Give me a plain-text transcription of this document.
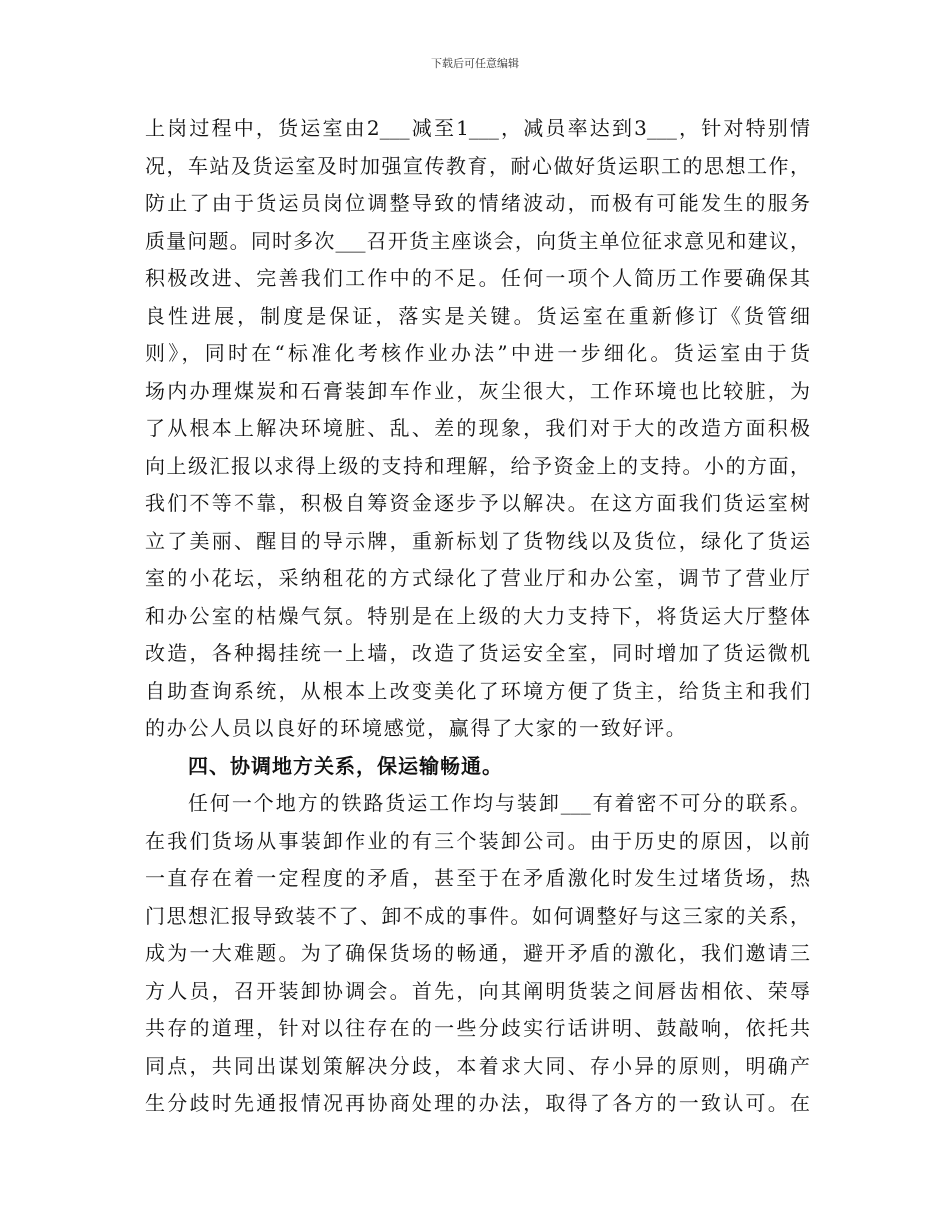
下载后可任意编辑
上岗过程中，货运室由2___减至1___，减员率达到3___，针对特别情
况，车站及货运室及时加强宣传教育，耐心做好货运职工的思想工作，
防止了由于货运员岗位调整导致的情绪波动，而极有可能发生的服务
质量问题。同时多次___召开货主座谈会，向货主单位征求意见和建议，
积极改进、完善我们工作中的不足。任何一项个人简历工作要确保其
良性进展，制度是保证，落实是关键。货运室在重新修订《货管细
则》，同时在“标准化考核作业办法”中进一步细化。货运室由于货
场内办理煤炭和石膏装卸车作业，灰尘很大，工作环境也比较脏，为
了从根本上解决环境脏、乱、差的现象，我们对于大的改造方面积极
向上级汇报以求得上级的支持和理解，给予资金上的支持。小的方面，
我们不等不靠，积极自筹资金逐步予以解决。在这方面我们货运室树
立了美丽、醒目的导示牌，重新标划了货物线以及货位，绿化了货运
室的小花坛，采纳租花的方式绿化了营业厅和办公室，调节了营业厅
和办公室的枯燥气氛。特别是在上级的大力支持下，将货运大厅整体
改造，各种揭挂统一上墙，改造了货运安全室，同时增加了货运微机
自助查询系统，从根本上改变美化了环境方便了货主，给货主和我们
的办公人员以良好的环境感觉，赢得了大家的一致好评。
四、协调地方关系，保运输畅通。
任何一个地方的铁路货运工作均与装卸___有着密不可分的联系。
在我们货场从事装卸作业的有三个装卸公司。由于历史的原因，以前
一直存在着一定程度的矛盾，甚至于在矛盾激化时发生过堵货场，热
门思想汇报导致装不了、卸不成的事件。如何调整好与这三家的关系，
成为一大难题。为了确保货场的畅通，避开矛盾的激化，我们邀请三
方人员，召开装卸协调会。首先，向其阐明货装之间唇齿相依、荣辱
共存的道理，针对以往存在的一些分歧实行话讲明、鼓敲响，依托共
同点，共同出谋划策解决分歧，本着求大同、存小异的原则，明确产
生分歧时先通报情况再协商处理的办法，取得了各方的一致认可。在
